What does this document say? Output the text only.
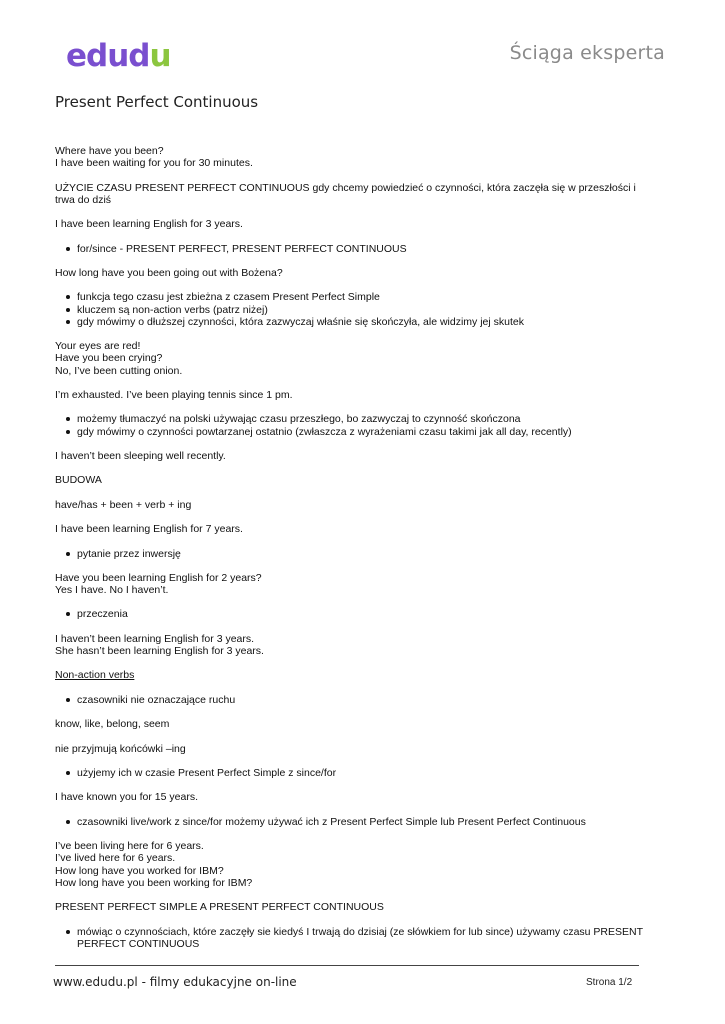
edudu	Ściąga eksperta
Present Perfect Continuous

Where have you been?
I have been waiting for you for 30 minutes.

UŻYCIE CZASU PRESENT PERFECT CONTINUOUS gdy chcemy powiedzieć o czynności, która zaczęła się w przeszłości i trwa do dziś

I have been learning English for 3 years.

for/since - PRESENT PERFECT, PRESENT PERFECT CONTINUOUS

How long have you been going out with Bożena?

funkcja tego czasu jest zbieżna z czasem Present Perfect Simple
kluczem są non-action verbs (patrz niżej)
gdy mówimy o dłuższej czynności, która zazwyczaj właśnie się skończyła, ale widzimy jej skutek

Your eyes are red!
Have you been crying?
No, I’ve been cutting onion.

I’m exhausted. I’ve been playing tennis since 1 pm.

możemy tłumaczyć na polski używając czasu przeszłego, bo zazwyczaj to czynność skończona
gdy mówimy o czynności powtarzanej ostatnio (zwłaszcza z wyrażeniami czasu takimi jak all day, recently)

I haven’t been sleeping well recently.

BUDOWA

have/has + been + verb + ing

I have been learning English for 7 years.

pytanie przez inwersję

Have you been learning English for 2 years?
Yes I have. No I haven’t.

przeczenia

I haven’t been learning English for 3 years.
She hasn’t been learning English for 3 years.

Non-action verbs

czasowniki nie oznaczające ruchu

know, like, belong, seem

nie przyjmują końcówki –ing

użyjemy ich w czasie Present Perfect Simple z since/for

I have known you for 15 years.

czasowniki live/work z since/for możemy używać ich z Present Perfect Simple lub Present Perfect Continuous

I’ve been living here for 6 years.
I’ve lived here for 6 years.
How long have you worked for IBM?
How long have you been working for IBM?

PRESENT PERFECT SIMPLE A PRESENT PERFECT CONTINUOUS

mówiąc o czynnościach, które zaczęły sie kiedyś I trwają do dzisiaj (ze słówkiem for lub since) używamy czasu PRESENT PERFECT CONTINUOUS
www.edudu.pl - filmy edukacyjne on-line	Strona 1/2
